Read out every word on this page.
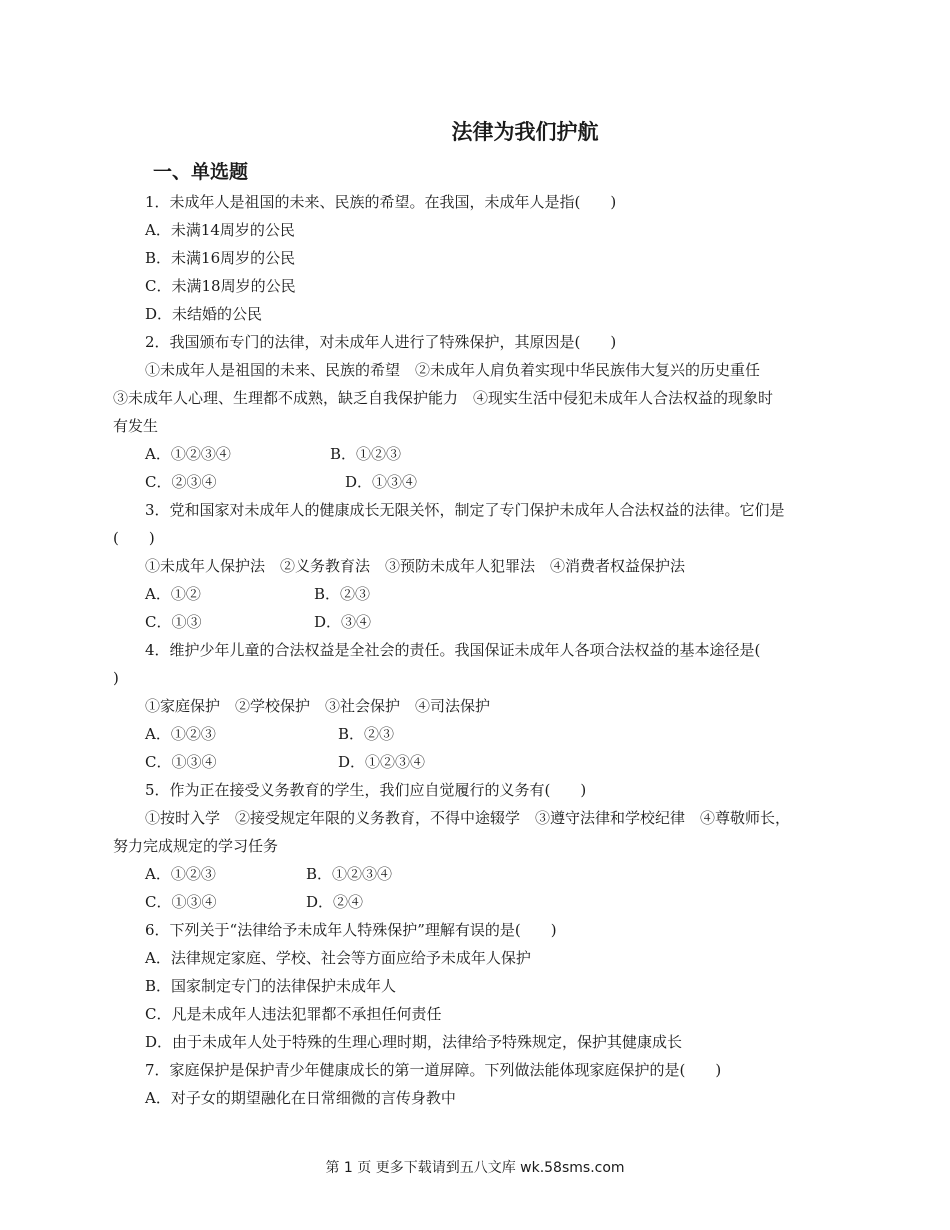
法律为我们护航
一、单选题
1．未成年人是祖国的未来、民族的希望。在我国，未成年人是指(　　)
A．未满14周岁的公民
B．未满16周岁的公民
C．未满18周岁的公民
D．未结婚的公民
2．我国颁布专门的法律，对未成年人进行了特殊保护，其原因是(　　)
①未成年人是祖国的未来、民族的希望　②未成年人肩负着实现中华民族伟大复兴的历史重任
③未成年人心理、生理都不成熟，缺乏自我保护能力　④现实生活中侵犯未成年人合法权益的现象时
有发生
A．①②③④	B．①②③
C．②③④	D．①③④
3．党和国家对未成年人的健康成长无限关怀，制定了专门保护未成年人合法权益的法律。它们是
(　　)
①未成年人保护法　②义务教育法　③预防未成年人犯罪法　④消费者权益保护法
A．①②	B．②③
C．①③	D．③④
4．维护少年儿童的合法权益是全社会的责任。我国保证未成年人各项合法权益的基本途径是(
)
①家庭保护　②学校保护　③社会保护　④司法保护
A．①②③	B．②③
C．①③④	D．①②③④
5．作为正在接受义务教育的学生，我们应自觉履行的义务有(　　)
①按时入学　②接受规定年限的义务教育，不得中途辍学　③遵守法律和学校纪律　④尊敬师长，
努力完成规定的学习任务
A．①②③	B．①②③④
C．①③④	D．②④
6．下列关于“法律给予未成年人特殊保护”理解有误的是(　　)
A．法律规定家庭、学校、社会等方面应给予未成年人保护
B．国家制定专门的法律保护未成年人
C．凡是未成年人违法犯罪都不承担任何责任
D．由于未成年人处于特殊的生理心理时期，法律给予特殊规定，保护其健康成长
7．家庭保护是保护青少年健康成长的第一道屏障。下列做法能体现家庭保护的是(　　)
A．对子女的期望融化在日常细微的言传身教中
第 1 页 更多下载请到五八文库 wk.58sms.com
